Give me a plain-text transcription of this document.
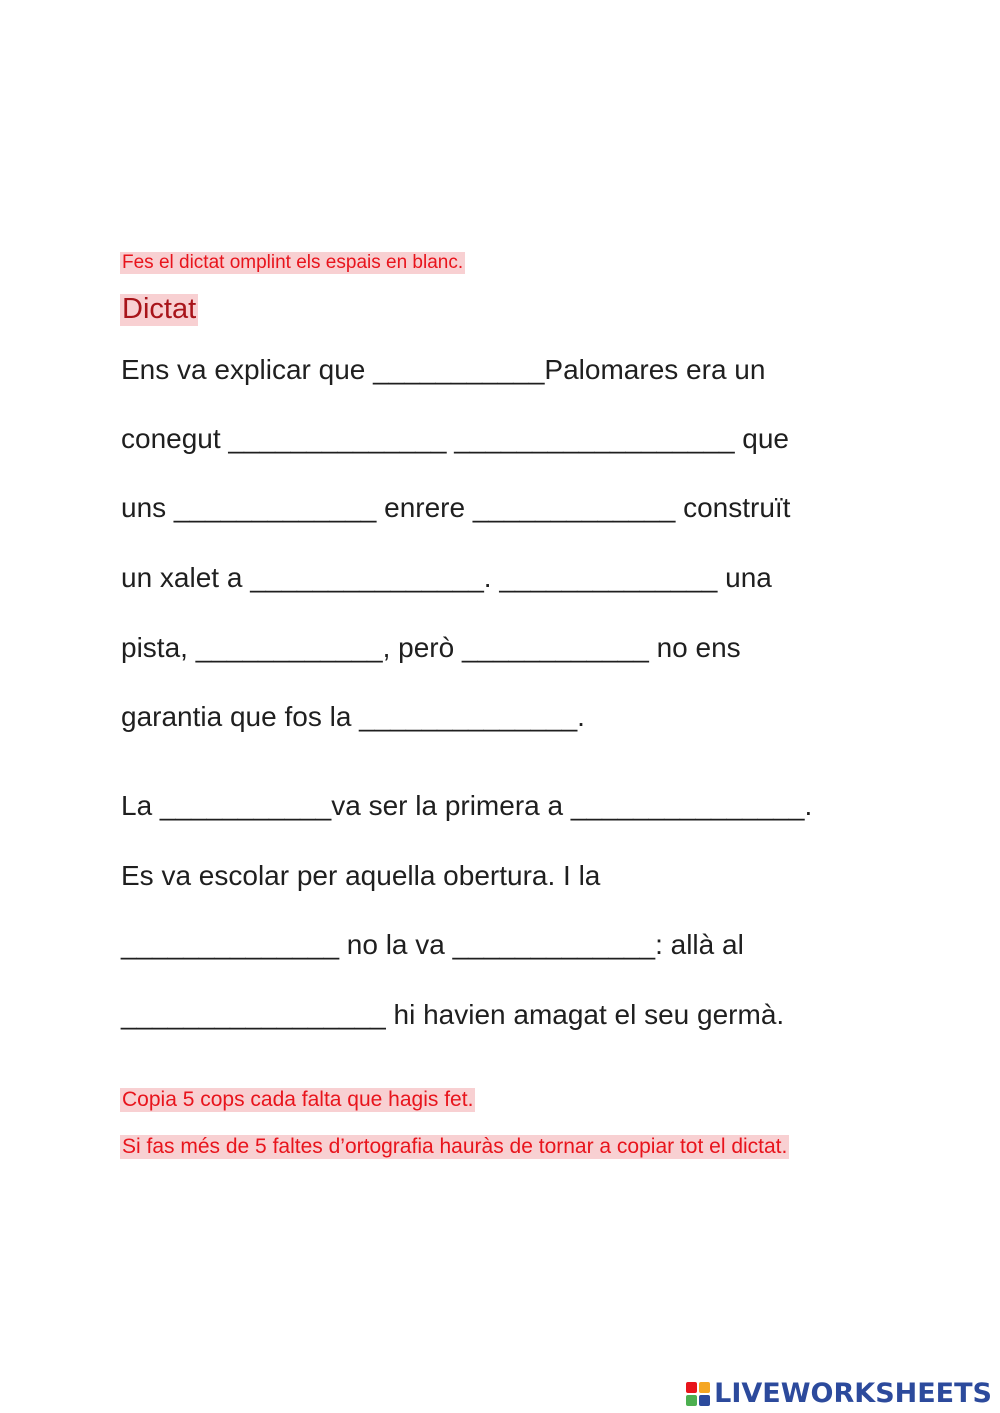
Fes el dictat omplint els espais en blanc.
Dictat
Ens va explicar que ___________Palomares era un
conegut ______________ __________________ que
uns _____________ enrere _____________ construït
un xalet a _______________. ______________ una
pista, ____________, però ____________ no ens
garantia que fos la ______________.
La ___________va ser la primera a _______________.
Es va escolar per aquella obertura. I la
______________ no la va _____________: allà al
_________________ hi havien amagat el seu germà.
Copia 5 cops cada falta que hagis fet.
Si fas més de 5 faltes d’ortografia hauràs de tornar a copiar tot el dictat.
LIVEWORKSHEETS
